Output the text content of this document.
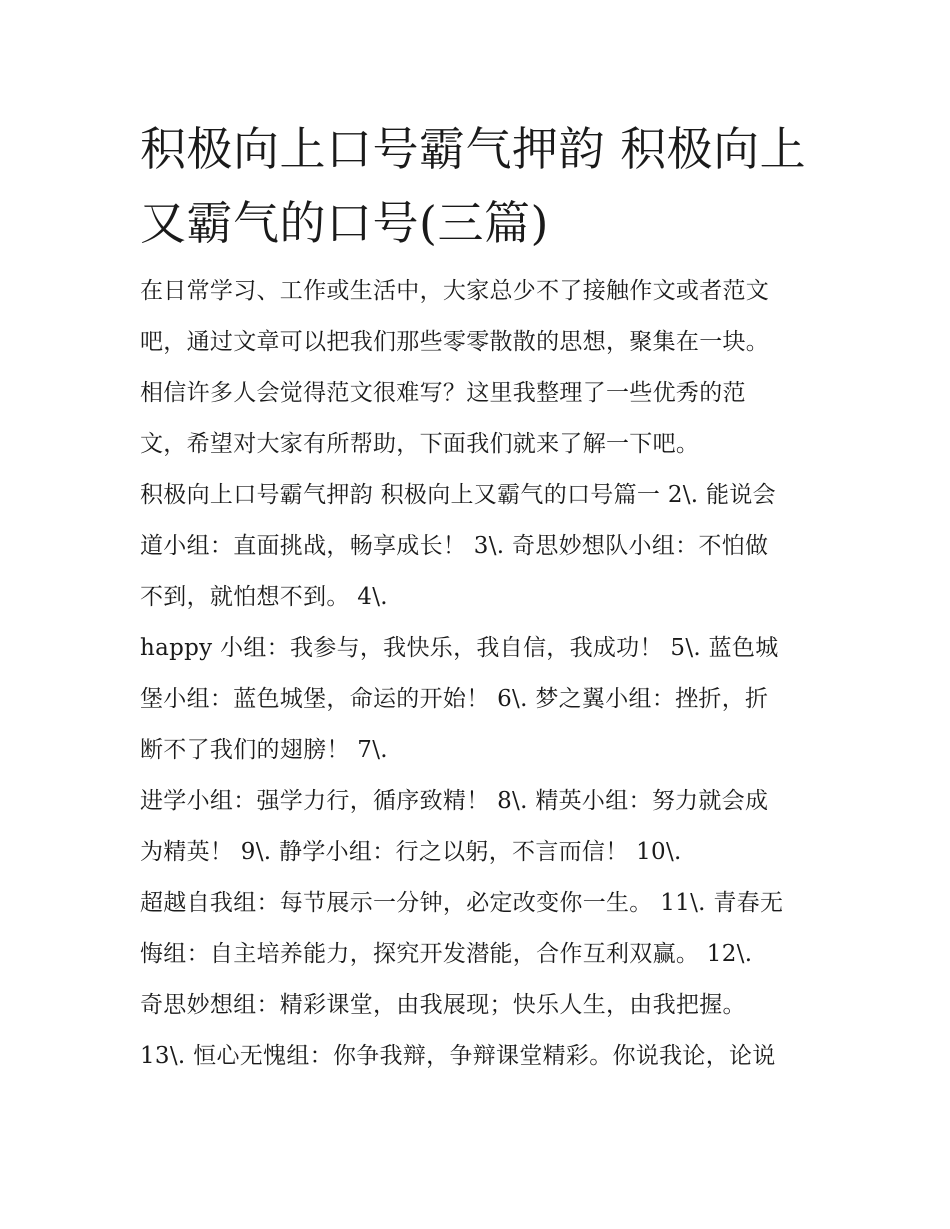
积极向上口号霸气押韵 积极向上又霸气的口号(三篇)

在日常学习、工作或生活中，大家总少不了接触作文或者范文
吧，通过文章可以把我们那些零零散散的思想，聚集在一块。
相信许多人会觉得范文很难写？这里我整理了一些优秀的范
文，希望对大家有所帮助，下面我们就来了解一下吧。

积极向上口号霸气押韵 积极向上又霸气的口号篇一 2\. 能说会
道小组：直面挑战，畅享成长！ 3\. 奇思妙想队小组：不怕做
不到，就怕想不到。 4\.

happy 小组：我参与，我快乐，我自信，我成功！ 5\. 蓝色城
堡小组：蓝色城堡，命运的开始！ 6\. 梦之翼小组：挫折，折
断不了我们的翅膀！ 7\.

进学小组：强学力行，循序致精！ 8\. 精英小组：努力就会成
为精英！ 9\. 静学小组：行之以躬，不言而信！ 10\.

超越自我组：每节展示一分钟，必定改变你一生。 11\. 青春无
悔组：自主培养能力，探究开发潜能，合作互利双赢。 12\.
奇思妙想组：精彩课堂，由我展现；快乐人生，由我把握。
13\. 恒心无愧组：你争我辩，争辩课堂精彩。你说我论，论说
